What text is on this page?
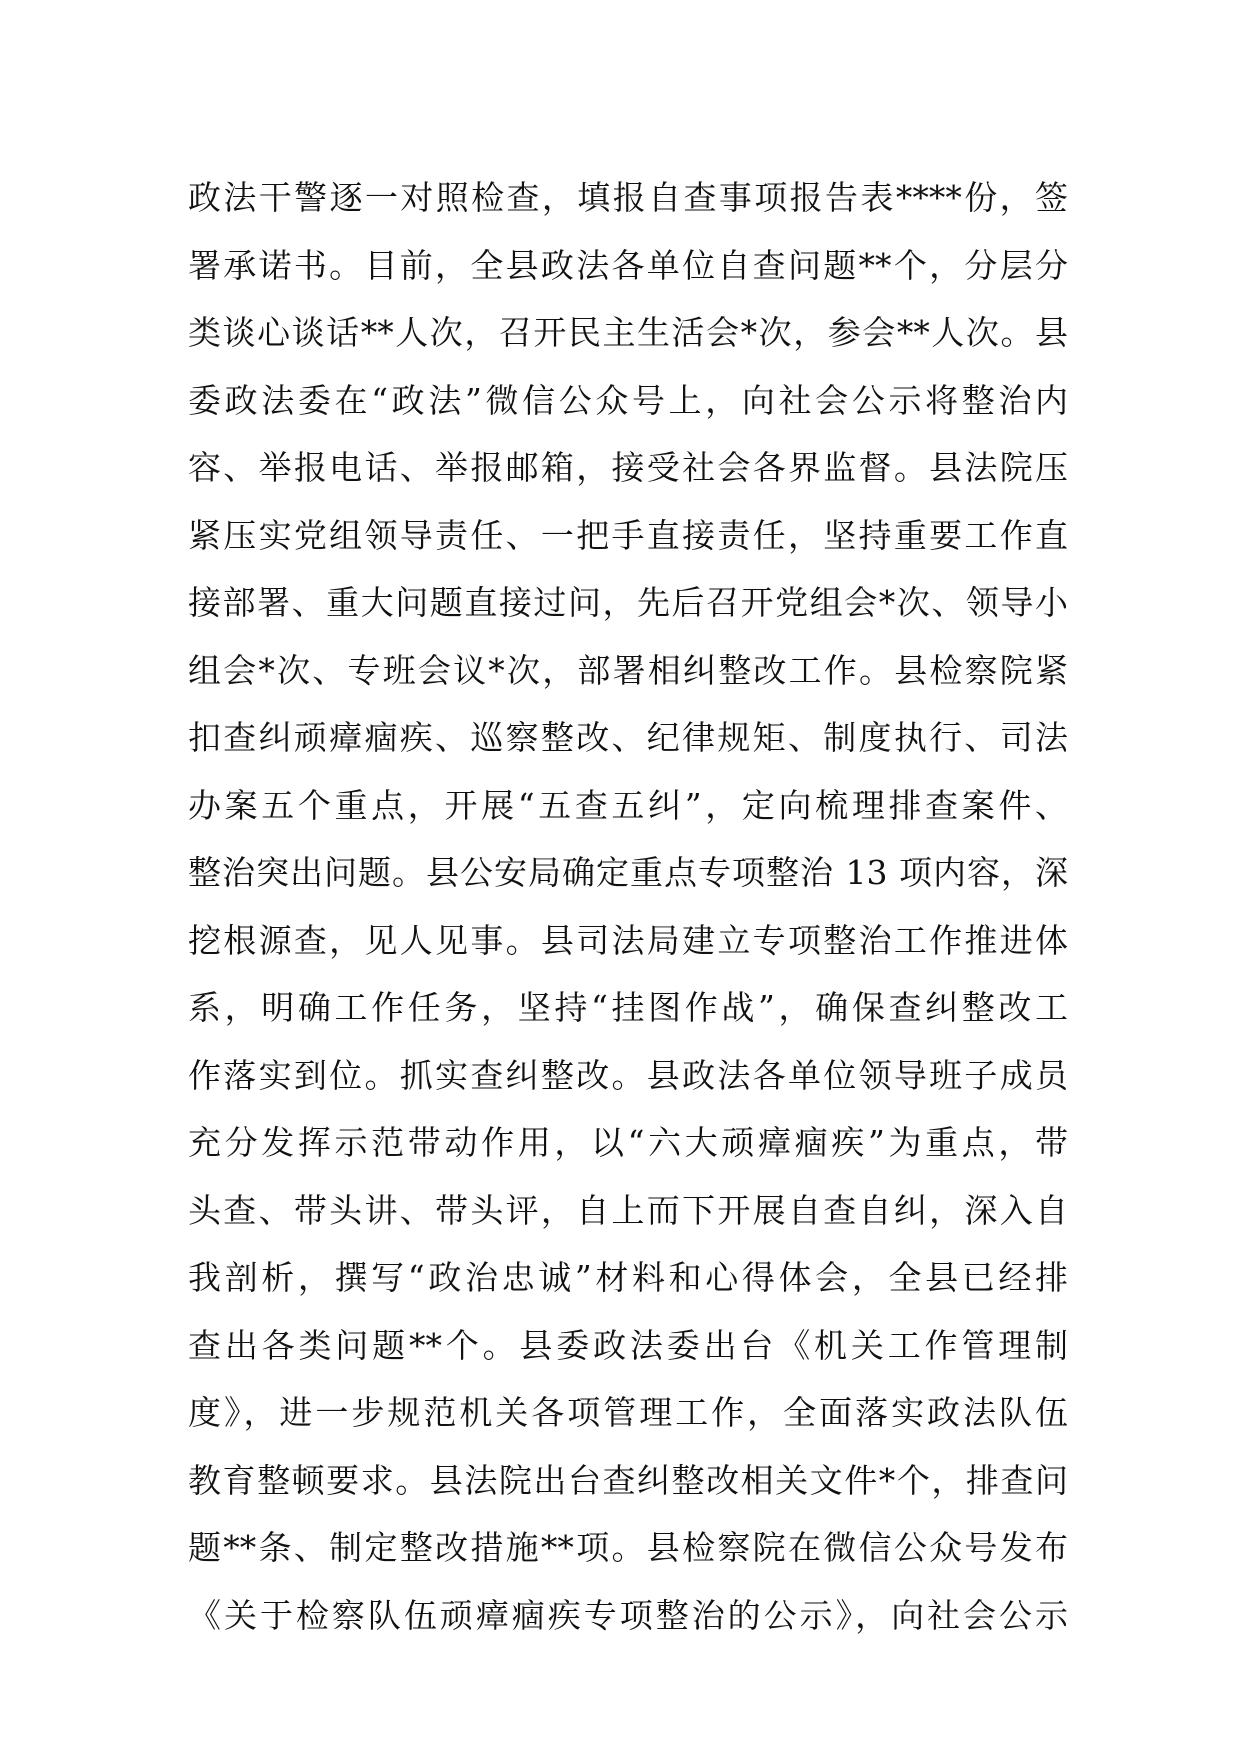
政法干警逐一对照检查，填报自查事项报告表****份，签
署承诺书。目前，全县政法各单位自查问题**个，分层分
类谈心谈话**人次，召开民主生活会*次，参会**人次。县
委政法委在“政法”微信公众号上，向社会公示将整治内
容、举报电话、举报邮箱，接受社会各界监督。县法院压
紧压实党组领导责任、一把手直接责任，坚持重要工作直
接部署、重大问题直接过问，先后召开党组会*次、领导小
组会*次、专班会议*次，部署相纠整改工作。县检察院紧
扣查纠顽瘴痼疾、巡察整改、纪律规矩、制度执行、司法
办案五个重点，开展“五查五纠”，定向梳理排查案件、
整治突出问题。县公安局确定重点专项整治 13 项内容，深
挖根源查，见人见事。县司法局建立专项整治工作推进体
系，明确工作任务，坚持“挂图作战”，确保查纠整改工
作落实到位。抓实查纠整改。县政法各单位领导班子成员
充分发挥示范带动作用，以“六大顽瘴痼疾”为重点，带
头查、带头讲、带头评，自上而下开展自查自纠，深入自
我剖析，撰写“政治忠诚”材料和心得体会，全县已经排
查出各类问题**个。县委政法委出台《机关工作管理制
度》，进一步规范机关各项管理工作，全面落实政法队伍
教育整顿要求。县法院出台查纠整改相关文件*个，排查问
题**条、制定整改措施**项。县检察院在微信公众号发布
《关于检察队伍顽瘴痼疾专项整治的公示》，向社会公示
